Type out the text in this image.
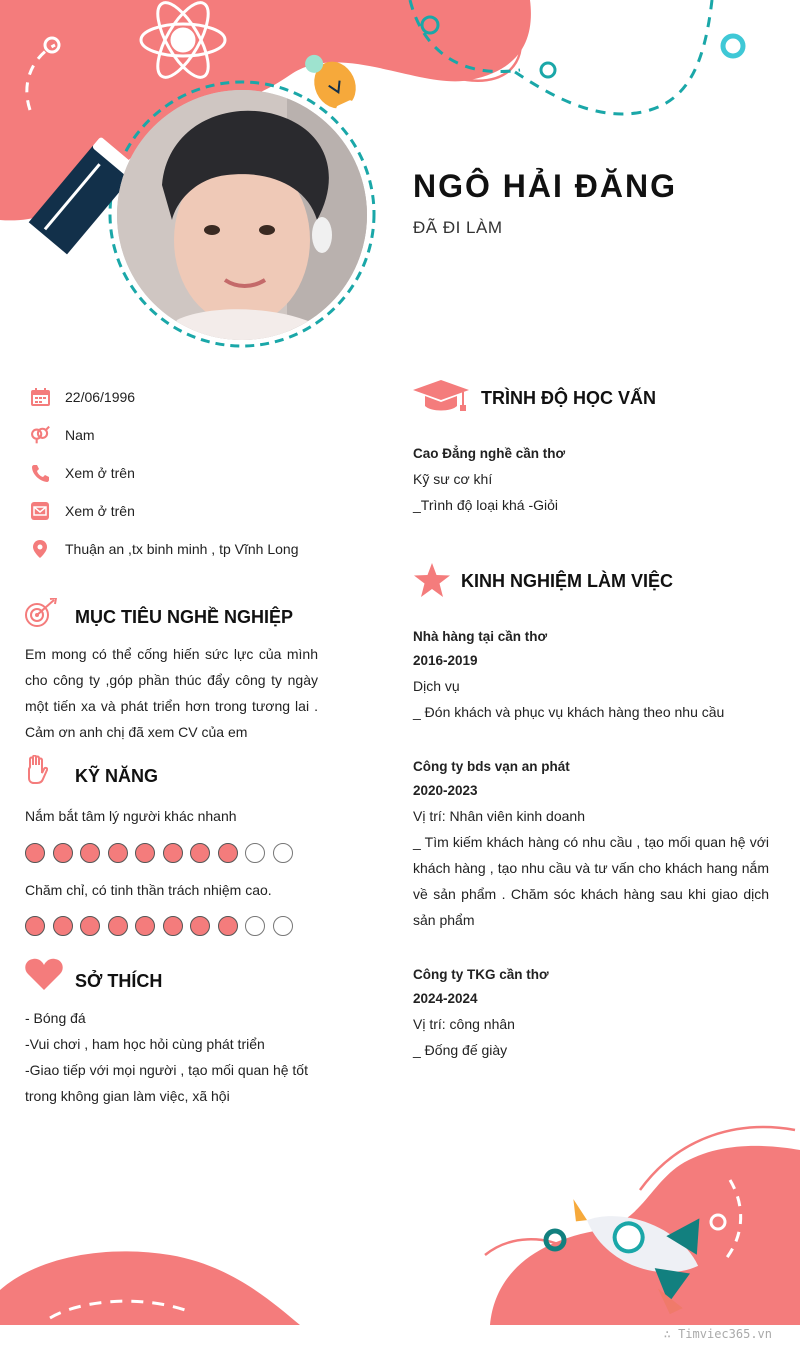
NGÔ HẢI ĐĂNG
ĐÃ ĐI LÀM
22/06/1996
Nam
Xem ở trên
Xem ở trên
Thuận an ,tx binh minh , tp Vĩnh Long
MỤC TIÊU NGHỀ NGHIỆP
Em mong có thể cống hiến sức lực của mình cho công ty ,góp phần thúc đẩy công ty ngày một tiến xa và phát triển hơn trong tương lai . Cảm ơn anh chị đã xem CV của em
KỸ NĂNG
Nắm bắt tâm lý người khác nhanh
Chăm chỉ, có tinh thần trách nhiệm cao.
SỞ THÍCH
- Bóng đá
-Vui chơi , ham học hỏi cùng phát triển
-Giao tiếp với mọi người , tạo mối quan hệ tốt trong không gian làm việc, xã hội
TRÌNH ĐỘ HỌC VẤN
Cao Đẳng nghề cần thơ
Kỹ sư cơ khí
_Trình độ loại khá -Giỏi
KINH NGHIỆM LÀM VIỆC
Nhà hàng tại cần thơ
2016-2019
Dịch vụ
_ Đón khách và phục vụ khách hàng theo nhu cầu
Công ty bds vạn an phát
2020-2023
Vị trí: Nhân viên kinh doanh
_ Tìm kiếm khách hàng có nhu cầu , tạo mối quan hệ với khách hàng , tạo nhu cầu và tư vấn cho khách hang nắm về sản phẩm . Chăm sóc khách hàng sau khi giao dịch sản phẩm
Công ty TKG cần thơ
2024-2024
Vị trí: công nhân
_ Đống đế giày
∴ Timviec365.vn
